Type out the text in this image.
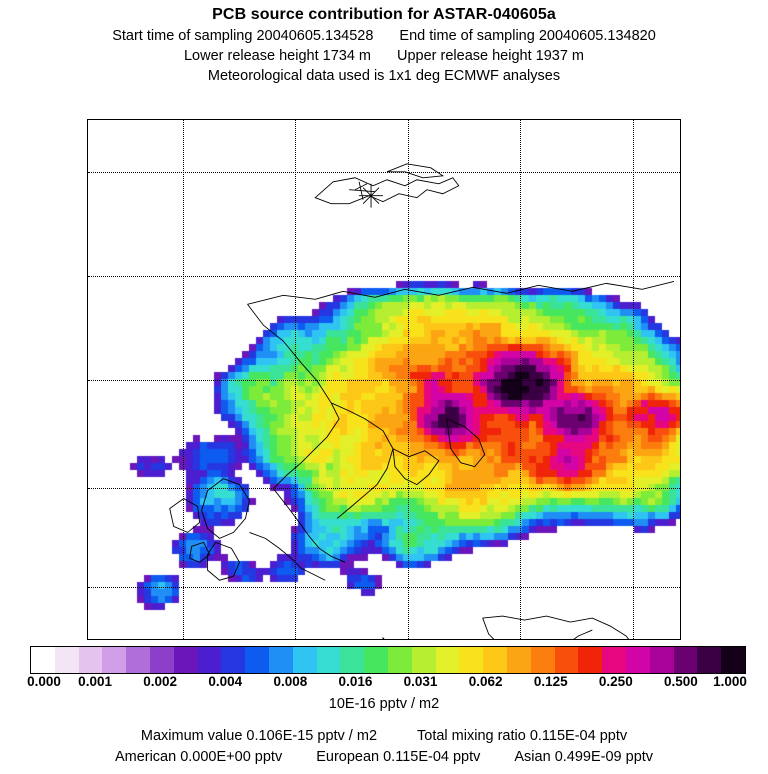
PCB source contribution for ASTAR-040605a
Start time of sampling 20040605.134528 End time of sampling 20040605.134820
Lower release height 1734 m Upper release height 1937 m
Meteorological data used is 1x1 deg ECMWF analyses
0.000 0.001 0.002 0.004 0.008 0.016 0.031 0.062 0.125 0.250 0.500 1.000
10E-16 pptv / m2
Maximum value 0.106E-15 pptv / m2	Total mixing ratio 0.115E-04 pptv
American 0.000E+00 pptv European 0.115E-04 pptv Asian 0.499E-09 pptv
